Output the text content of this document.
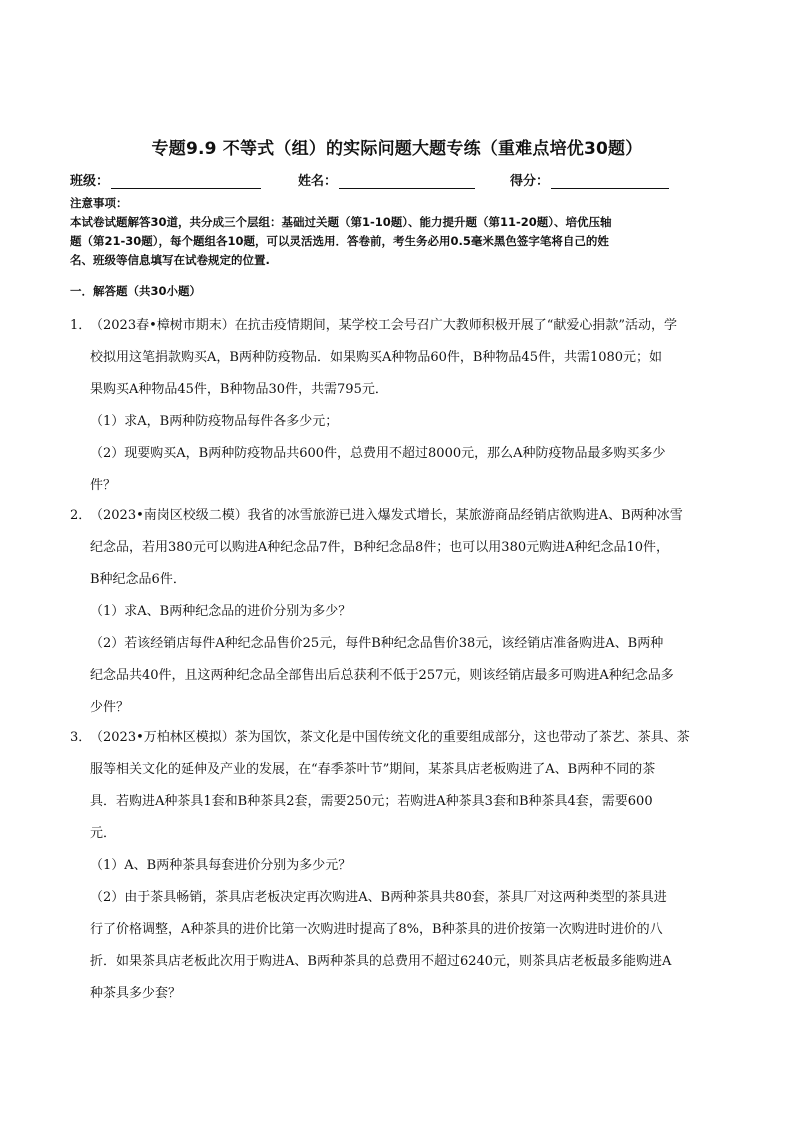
专题9.9 不等式（组）的实际问题大题专练（重难点培优30题）
班级：	姓名：	得分：
注意事项：
本试卷试题解答30道，共分成三个层组：基础过关题（第1-10题）、能力提升题（第11-20题）、培优压轴
题（第21-30题），每个题组各10题，可以灵活选用．答卷前，考生务必用0.5毫米黑色签字笔将自己的姓
名、班级等信息填写在试卷规定的位置.
一．解答题（共30小题）

1．（2023春•樟树市期末）在抗击疫情期间，某学校工会号召广大教师积极开展了“献爱心捐款”活动，学

校拟用这笔捐款购买A，B两种防疫物品．如果购买A种物品60件，B种物品45件，共需1080元；如

果购买A种物品45件，B种物品30件，共需795元．

（1）求A，B两种防疫物品每件各多少元；

（2）现要购买A，B两种防疫物品共600件，总费用不超过8000元，那么A种防疫物品最多购买多少

件？

2．（2023•南岗区校级二模）我省的冰雪旅游已进入爆发式增长，某旅游商品经销店欲购进A、B两种冰雪

纪念品，若用380元可以购进A种纪念品7件，B种纪念品8件；也可以用380元购进A种纪念品10件，

B种纪念品6件．

（1）求A、B两种纪念品的进价分别为多少？

（2）若该经销店每件A种纪念品售价25元，每件B种纪念品售价38元，该经销店准备购进A、B两种

纪念品共40件，且这两种纪念品全部售出后总获利不低于257元，则该经销店最多可购进A种纪念品多

少件？

3．（2023•万柏林区模拟）茶为国饮，茶文化是中国传统文化的重要组成部分，这也带动了茶艺、茶具、茶

服等相关文化的延伸及产业的发展，在“春季茶叶节”期间，某茶具店老板购进了A、B两种不同的茶

具．若购进A种茶具1套和B种茶具2套，需要250元；若购进A种茶具3套和B种茶具4套，需要600

元．

（1）A、B两种茶具每套进价分别为多少元？

（2）由于茶具畅销，茶具店老板决定再次购进A、B两种茶具共80套，茶具厂对这两种类型的茶具进

行了价格调整，A种茶具的进价比第一次购进时提高了8%，B种茶具的进价按第一次购进时进价的八

折．如果茶具店老板此次用于购进A、B两种茶具的总费用不超过6240元，则茶具店老板最多能购进A

种茶具多少套？
